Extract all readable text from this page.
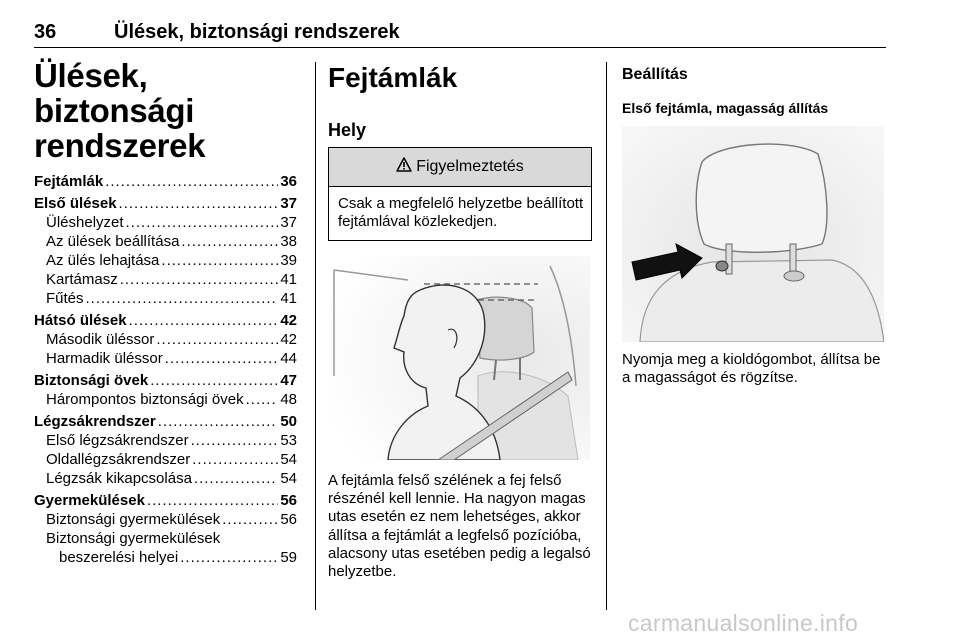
36	Ülések, biztonsági rendszerek
Ülések, biztonsági
rendszerek
Fejtámlák .....	36
Első ülések .....	37
Üléshelyzet .....	37
Az ülések beállítása .....	38
Az ülés lehajtása .....	39
Kartámasz .....	41
Fűtés .....	41
Hátsó ülések .....	42
Második üléssor .....	42
Harmadik üléssor .....	44
Biztonsági övek .....	47
Hárompontos biztonsági övek ..... 48
Légzsákrendszer .....	50
Első légzsákrendszer .....	53
Oldallégzsákrendszer .....	54
Légzsák kikapcsolása .....	54
Gyermekülések .....	56
Biztonsági gyermekülések .....	56
Biztonsági gyermekülések
beszerelési helyei .....	59
Fejtámlák
Hely
Figyelmeztetés
Csak a megfelelő helyzetbe beállított fejtámlával közlekedjen.
A fejtámla felső szélének a fej felső részénél kell lennie. Ha nagyon magas utas esetén ez nem lehetséges, akkor állítsa a fejtámlát a legfelső pozícióba, alacsony utas esetében pedig a legalsó helyzetbe.
Beállítás
Első fejtámla, magasság állítás
Nyomja meg a kioldógombot, állítsa be a magasságot és rögzítse.
carmanualsonline.info
